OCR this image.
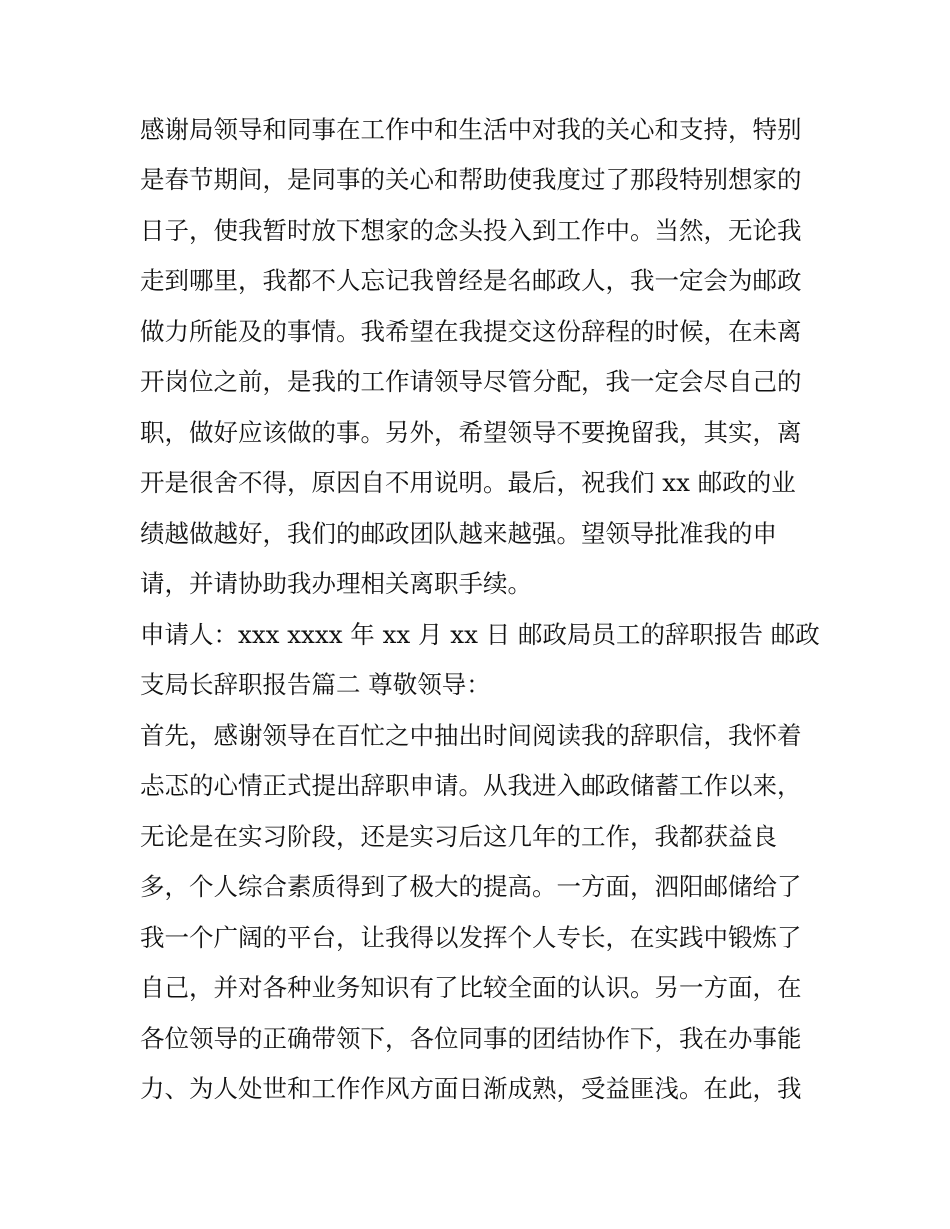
感谢局领导和同事在工作中和生活中对我的关心和支持，特别
是春节期间，是同事的关心和帮助使我度过了那段特别想家的
日子，使我暂时放下想家的念头投入到工作中。当然，无论我
走到哪里，我都不人忘记我曾经是名邮政人，我一定会为邮政
做力所能及的事情。我希望在我提交这份辞程的时候，在未离
开岗位之前，是我的工作请领导尽管分配，我一定会尽自己的
职，做好应该做的事。另外，希望领导不要挽留我，其实，离
开是很舍不得，原因自不用说明。最后，祝我们 xx 邮政的业
绩越做越好，我们的邮政团队越来越强。望领导批准我的申
请，并请协助我办理相关离职手续。
申请人：xxx xxxx 年 xx 月 xx 日 邮政局员工的辞职报告 邮政
支局长辞职报告篇二 尊敬领导：
首先，感谢领导在百忙之中抽出时间阅读我的辞职信，我怀着
忐忑的心情正式提出辞职申请。从我进入邮政储蓄工作以来，
无论是在实习阶段，还是实习后这几年的工作，我都获益良
多，个人综合素质得到了极大的提高。一方面，泗阳邮储给了
我一个广阔的平台，让我得以发挥个人专长，在实践中锻炼了
自己，并对各种业务知识有了比较全面的认识。另一方面，在
各位领导的正确带领下，各位同事的团结协作下，我在办事能
力、为人处世和工作作风方面日渐成熟，受益匪浅。在此，我
